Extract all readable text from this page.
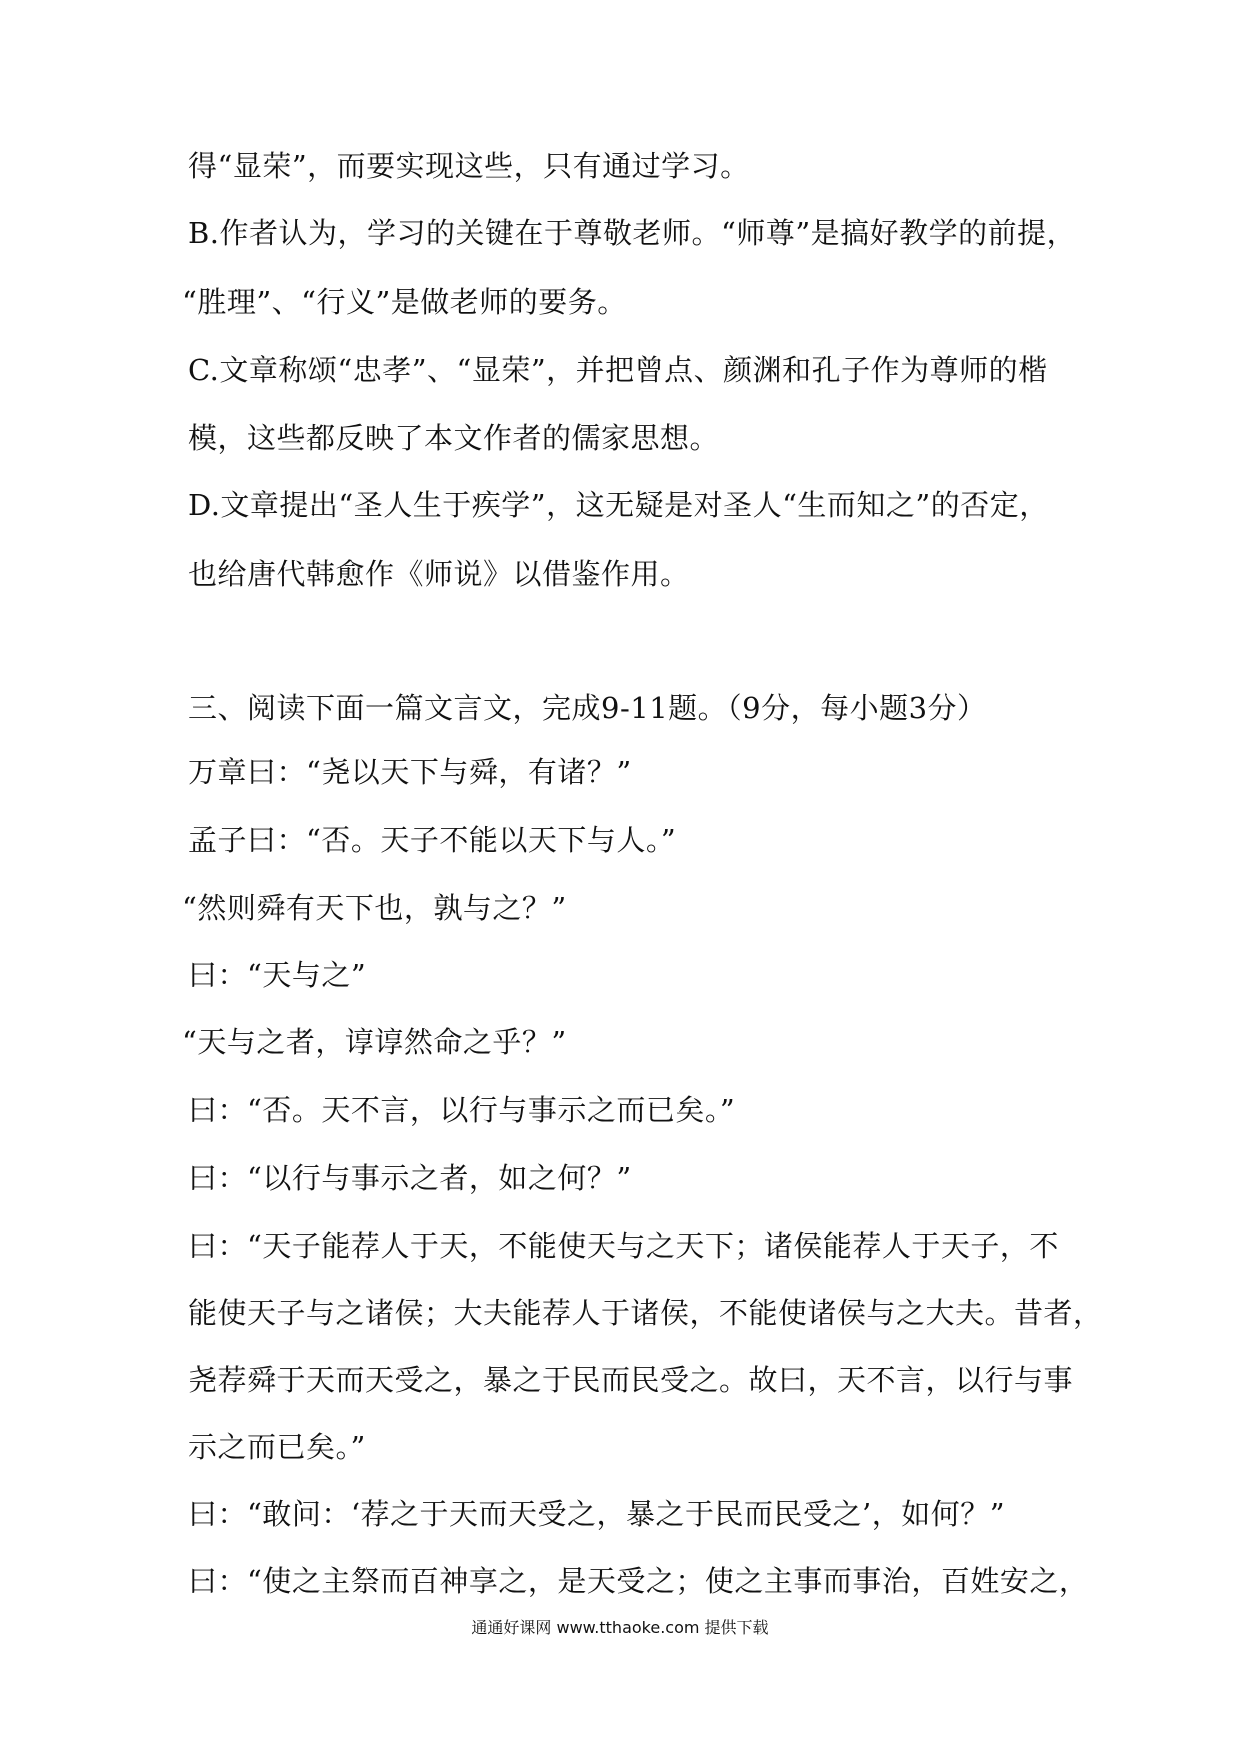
得“显荣”，而要实现这些，只有通过学习。
B.作者认为，学习的关键在于尊敬老师。“师尊”是搞好教学的前提，
“胜理”、“行义”是做老师的要务。
C.文章称颂“忠孝”、“显荣”，并把曾点、颜渊和孔子作为尊师的楷
模，这些都反映了本文作者的儒家思想。
D.文章提出“圣人生于疾学”，这无疑是对圣人“生而知之”的否定，
也给唐代韩愈作《师说》以借鉴作用。
三、阅读下面一篇文言文，完成9-11题。（9分，每小题3分）
万章曰：“尧以天下与舜，有诸？”
孟子曰：“否。天子不能以天下与人。”
“然则舜有天下也，孰与之？”
曰：“天与之”
“天与之者，谆谆然命之乎？”
曰：“否。天不言，以行与事示之而已矣。”
曰：“以行与事示之者，如之何？”
曰：“天子能荐人于天，不能使天与之天下；诸侯能荐人于天子，不
能使天子与之诸侯；大夫能荐人于诸侯，不能使诸侯与之大夫。昔者，
尧荐舜于天而天受之，暴之于民而民受之。故曰，天不言，以行与事
示之而已矣。”
曰：“敢问：‘荐之于天而天受之，暴之于民而民受之’，如何？”
曰：“使之主祭而百神享之，是天受之；使之主事而事治，百姓安之，
通通好课网 www.tthaoke.com 提供下载
